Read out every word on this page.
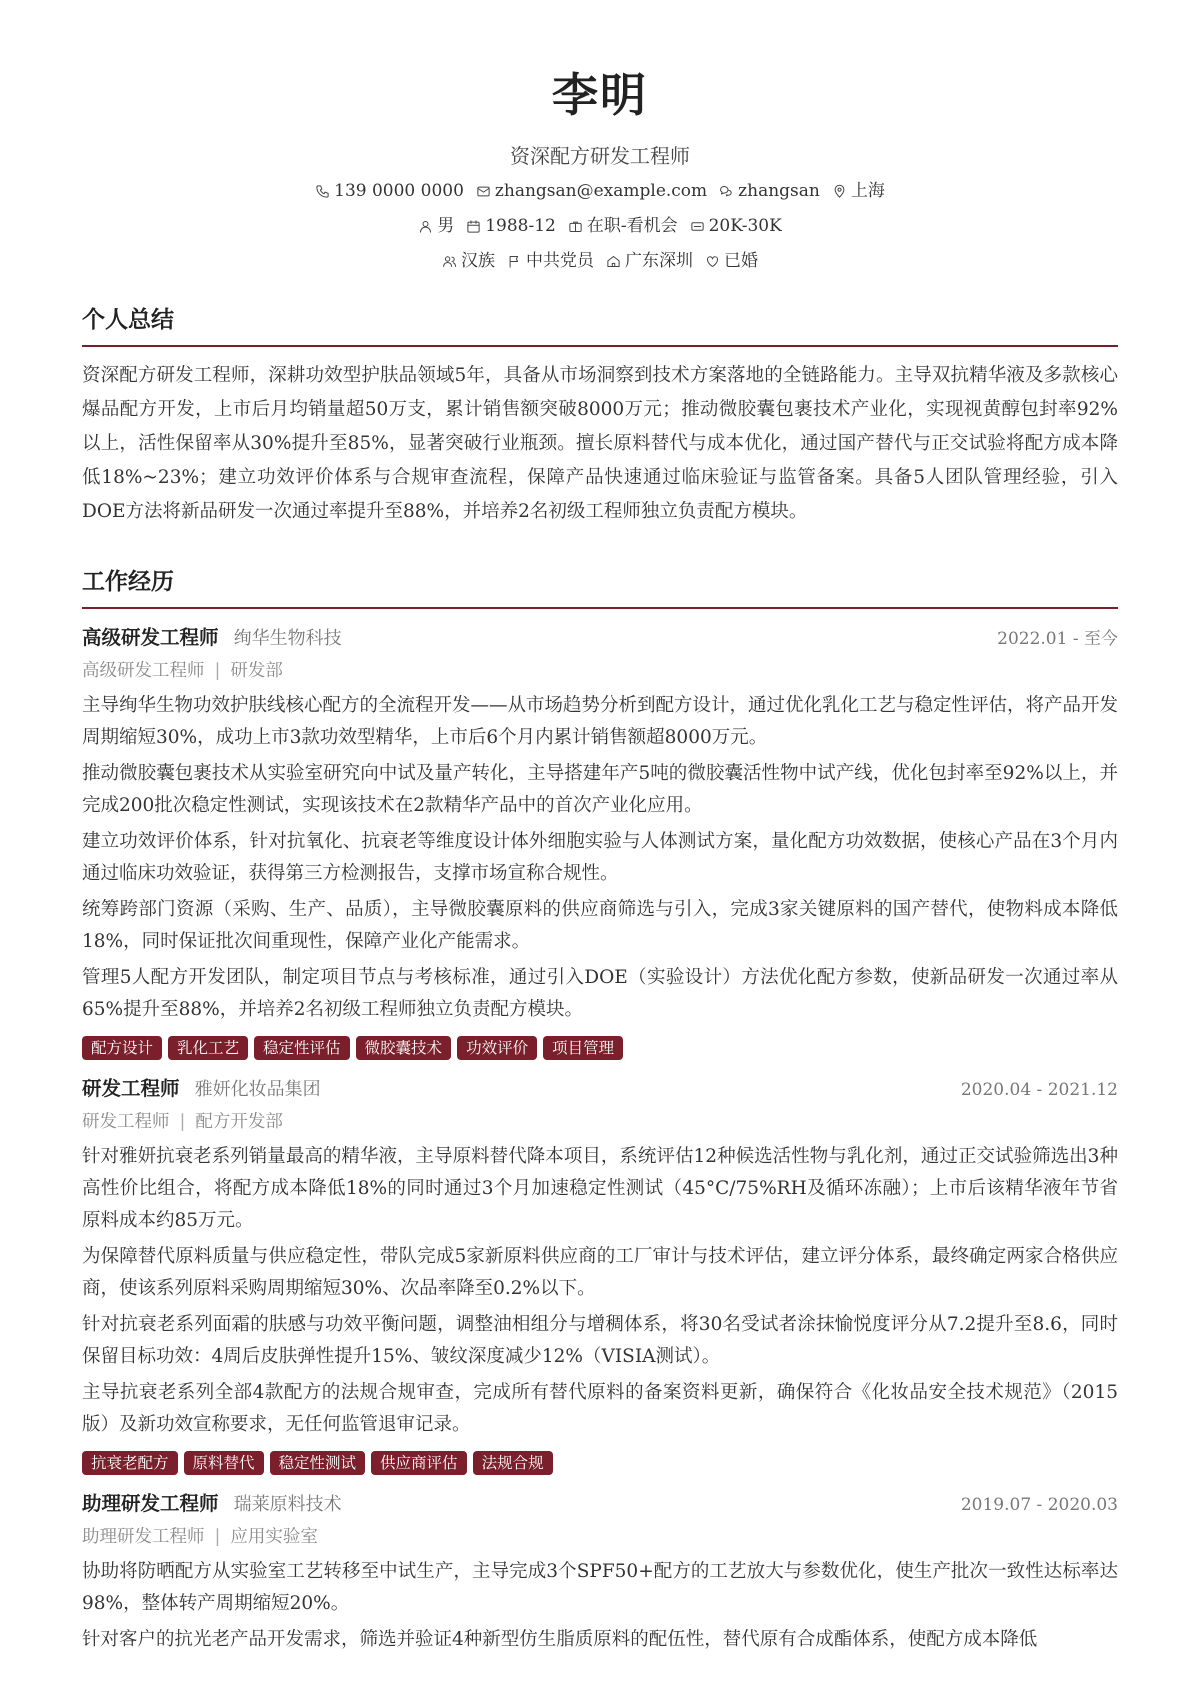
李明
资深配方研发工程师
139 0000 0000 zhangsan@example.com zhangsan 上海
男 1988-12 在职-看机会 20K-30K
汉族 中共党员 广东深圳 已婚
个人总结

资深配方研发工程师，深耕功效型护肤品领域5年，具备从市场洞察到技术方案落地的全链路能力。主导双抗精华液及多款核心爆品配方开发，上市后月均销量超50万支，累计销售额突破8000万元；推动微胶囊包裹技术产业化，实现视黄醇包封率92%以上，活性保留率从30%提升至85%，显著突破行业瓶颈。擅长原料替代与成本优化，通过国产替代与正交试验将配方成本降低18%~23%；建立功效评价体系与合规审查流程，保障产品快速通过临床验证与监管备案。具备5人团队管理经验，引入DOE方法将新品研发一次通过率提升至88%，并培养2名初级工程师独立负责配方模块。

工作经历
高级研发工程师 绚华生物科技	2022.01 - 至今
高级研发工程师 | 研发部
主导绚华生物功效护肤线核心配方的全流程开发——从市场趋势分析到配方设计，通过优化乳化工艺与稳定性评估，将产品开发周期缩短30%，成功上市3款功效型精华，上市后6个月内累计销售额超8000万元。
推动微胶囊包裹技术从实验室研究向中试及量产转化，主导搭建年产5吨的微胶囊活性物中试产线，优化包封率至92%以上，并完成200批次稳定性测试，实现该技术在2款精华产品中的首次产业化应用。
建立功效评价体系，针对抗氧化、抗衰老等维度设计体外细胞实验与人体测试方案，量化配方功效数据，使核心产品在3个月内通过临床功效验证，获得第三方检测报告，支撑市场宣称合规性。
统筹跨部门资源（采购、生产、品质），主导微胶囊原料的供应商筛选与引入，完成3家关键原料的国产替代，使物料成本降低18%，同时保证批次间重现性，保障产业化产能需求。
管理5人配方开发团队，制定项目节点与考核标准，通过引入DOE（实验设计）方法优化配方参数，使新品研发一次通过率从65%提升至88%，并培养2名初级工程师独立负责配方模块。
配方设计	乳化工艺	稳定性评估	微胶囊技术	功效评价	项目管理
研发工程师 雅妍化妆品集团	2020.04 - 2021.12
研发工程师 | 配方开发部
针对雅妍抗衰老系列销量最高的精华液，主导原料替代降本项目，系统评估12种候选活性物与乳化剂，通过正交试验筛选出3种高性价比组合，将配方成本降低18%的同时通过3个月加速稳定性测试（45°C/75%RH及循环冻融）；上市后该精华液年节省原料成本约85万元。
为保障替代原料质量与供应稳定性，带队完成5家新原料供应商的工厂审计与技术评估，建立评分体系，最终确定两家合格供应商，使该系列原料采购周期缩短30%、次品率降至0.2%以下。
针对抗衰老系列面霜的肤感与功效平衡问题，调整油相组分与增稠体系，将30名受试者涂抹愉悦度评分从7.2提升至8.6，同时保留目标功效：4周后皮肤弹性提升15%、皱纹深度减少12%（VISIA测试）。
主导抗衰老系列全部4款配方的法规合规审查，完成所有替代原料的备案资料更新，确保符合《化妆品安全技术规范》（2015版）及新功效宣称要求，无任何监管退审记录。
抗衰老配方	原料替代	稳定性测试	供应商评估	法规合规
助理研发工程师 瑞莱原料技术	2019.07 - 2020.03
助理研发工程师 | 应用实验室
协助将防晒配方从实验室工艺转移至中试生产，主导完成3个SPF50+配方的工艺放大与参数优化，使生产批次一致性达标率达98%，整体转产周期缩短20%。
针对客户的抗光老产品开发需求，筛选并验证4种新型仿生脂质原料的配伍性，替代原有合成酯体系，使配方成本降低
